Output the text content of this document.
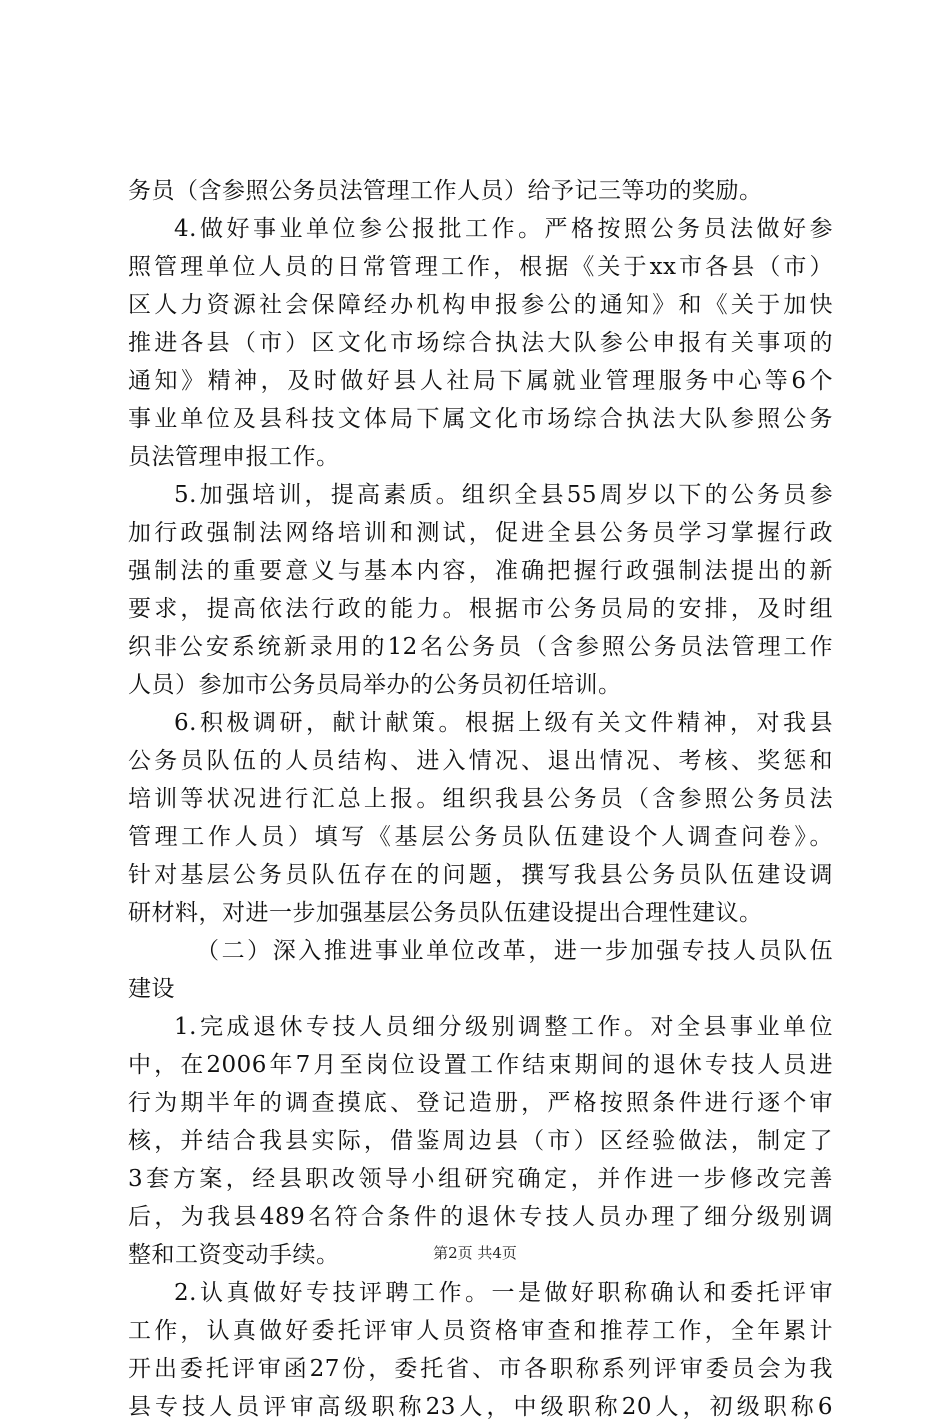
务员（含参照公务员法管理工作人员）给予记三等功的奖励。
4.做好事业单位参公报批工作。严格按照公务员法做好参
照管理单位人员的日常管理工作，根据《关于xx市各县（市）
区人力资源社会保障经办机构申报参公的通知》和《关于加快
推进各县（市）区文化市场综合执法大队参公申报有关事项的
通知》精神，及时做好县人社局下属就业管理服务中心等6个
事业单位及县科技文体局下属文化市场综合执法大队参照公务
员法管理申报工作。
5.加强培训，提高素质。组织全县55周岁以下的公务员参
加行政强制法网络培训和测试，促进全县公务员学习掌握行政
强制法的重要意义与基本内容，准确把握行政强制法提出的新
要求，提高依法行政的能力。根据市公务员局的安排，及时组
织非公安系统新录用的12名公务员（含参照公务员法管理工作
人员）参加市公务员局举办的公务员初任培训。
6.积极调研，献计献策。根据上级有关文件精神，对我县
公务员队伍的人员结构、进入情况、退出情况、考核、奖惩和
培训等状况进行汇总上报。组织我县公务员（含参照公务员法
管理工作人员）填写《基层公务员队伍建设个人调查问卷》。
针对基层公务员队伍存在的问题，撰写我县公务员队伍建设调
研材料，对进一步加强基层公务员队伍建设提出合理性建议。
（二）深入推进事业单位改革，进一步加强专技人员队伍
建设
1.完成退休专技人员细分级别调整工作。对全县事业单位
中，在2006年7月至岗位设置工作结束期间的退休专技人员进
行为期半年的调查摸底、登记造册，严格按照条件进行逐个审
核，并结合我县实际，借鉴周边县（市）区经验做法，制定了
3套方案，经县职改领导小组研究确定，并作进一步修改完善
后，为我县489名符合条件的退休专技人员办理了细分级别调
整和工资变动手续。
2.认真做好专技评聘工作。一是做好职称确认和委托评审
工作，认真做好委托评审人员资格审查和推荐工作，全年累计
开出委托评审函27份，委托省、市各职称系列评审委员会为我
县专技人员评审高级职称23人，中级职称20人，初级职称6
第2页 共4页
